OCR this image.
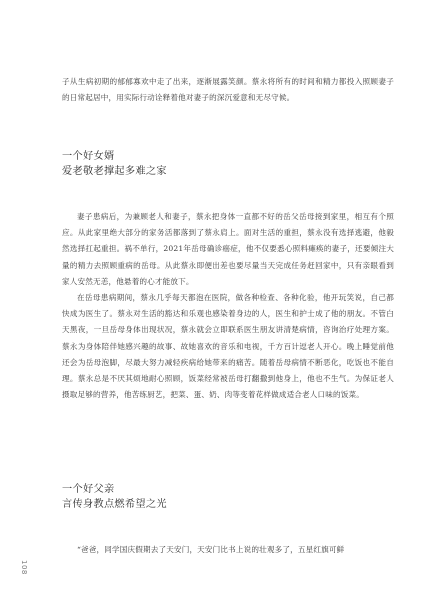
子从生病初期的郁郁寡欢中走了出来，逐渐展露笑颜。蔡永将所有的时间和精力都投入照顾妻子的日常起居中，用实际行动诠释着他对妻子的深沉爱意和无尽守候。

一个好女婿

爱老敬老撑起多难之家

妻子患病后，为兼顾老人和妻子，蔡永把身体一直都不好的岳父岳母接到家里，相互有个照应。从此家里绝大部分的家务活都落到了蔡永肩上。面对生活的重担，蔡永没有选择逃避，他毅然选择扛起重担。祸不单行，2021年岳母确诊癌症，他不仅要悉心照料瘫痪的妻子，还要倾注大量的精力去照顾重病的岳母。从此蔡永即便出差也要尽量当天完成任务赶回家中，只有亲眼看到家人安然无恙，他悬着的心才能放下。

在岳母患病期间，蔡永几乎每天都泡在医院，做各种检查、各种化验，他开玩笑说，自己都快成为医生了。蔡永对生活的豁达和乐观也感染着身边的人，医生和护士成了他的朋友。不管白天黑夜，一旦岳母身体出现状况，蔡永就会立即联系医生朋友讲清楚病情，咨询治疗处理方案。蔡永为身体陪伴她感兴趣的故事、故她喜欢的音乐和电视，千方百计逗老人开心。晚上睡觉前他还会为岳母泡脚，尽最大努力减轻疾病给她带来的痛苦。随着岳母病情不断恶化，吃饭也不能自理。蔡永总是不厌其烦地耐心照顾，饭菜经常被岳母打翻撒到他身上，他也不生气。为保证老人摄取足够的营养，他苦练厨艺，把菜、蛋、奶、肉等变着花样做成适合老人口味的饭菜。

一个好父亲

言传身教点燃希望之光

“爸爸，同学国庆假期去了天安门，天安门比书上说的壮观多了，五星红旗可鲜

108
